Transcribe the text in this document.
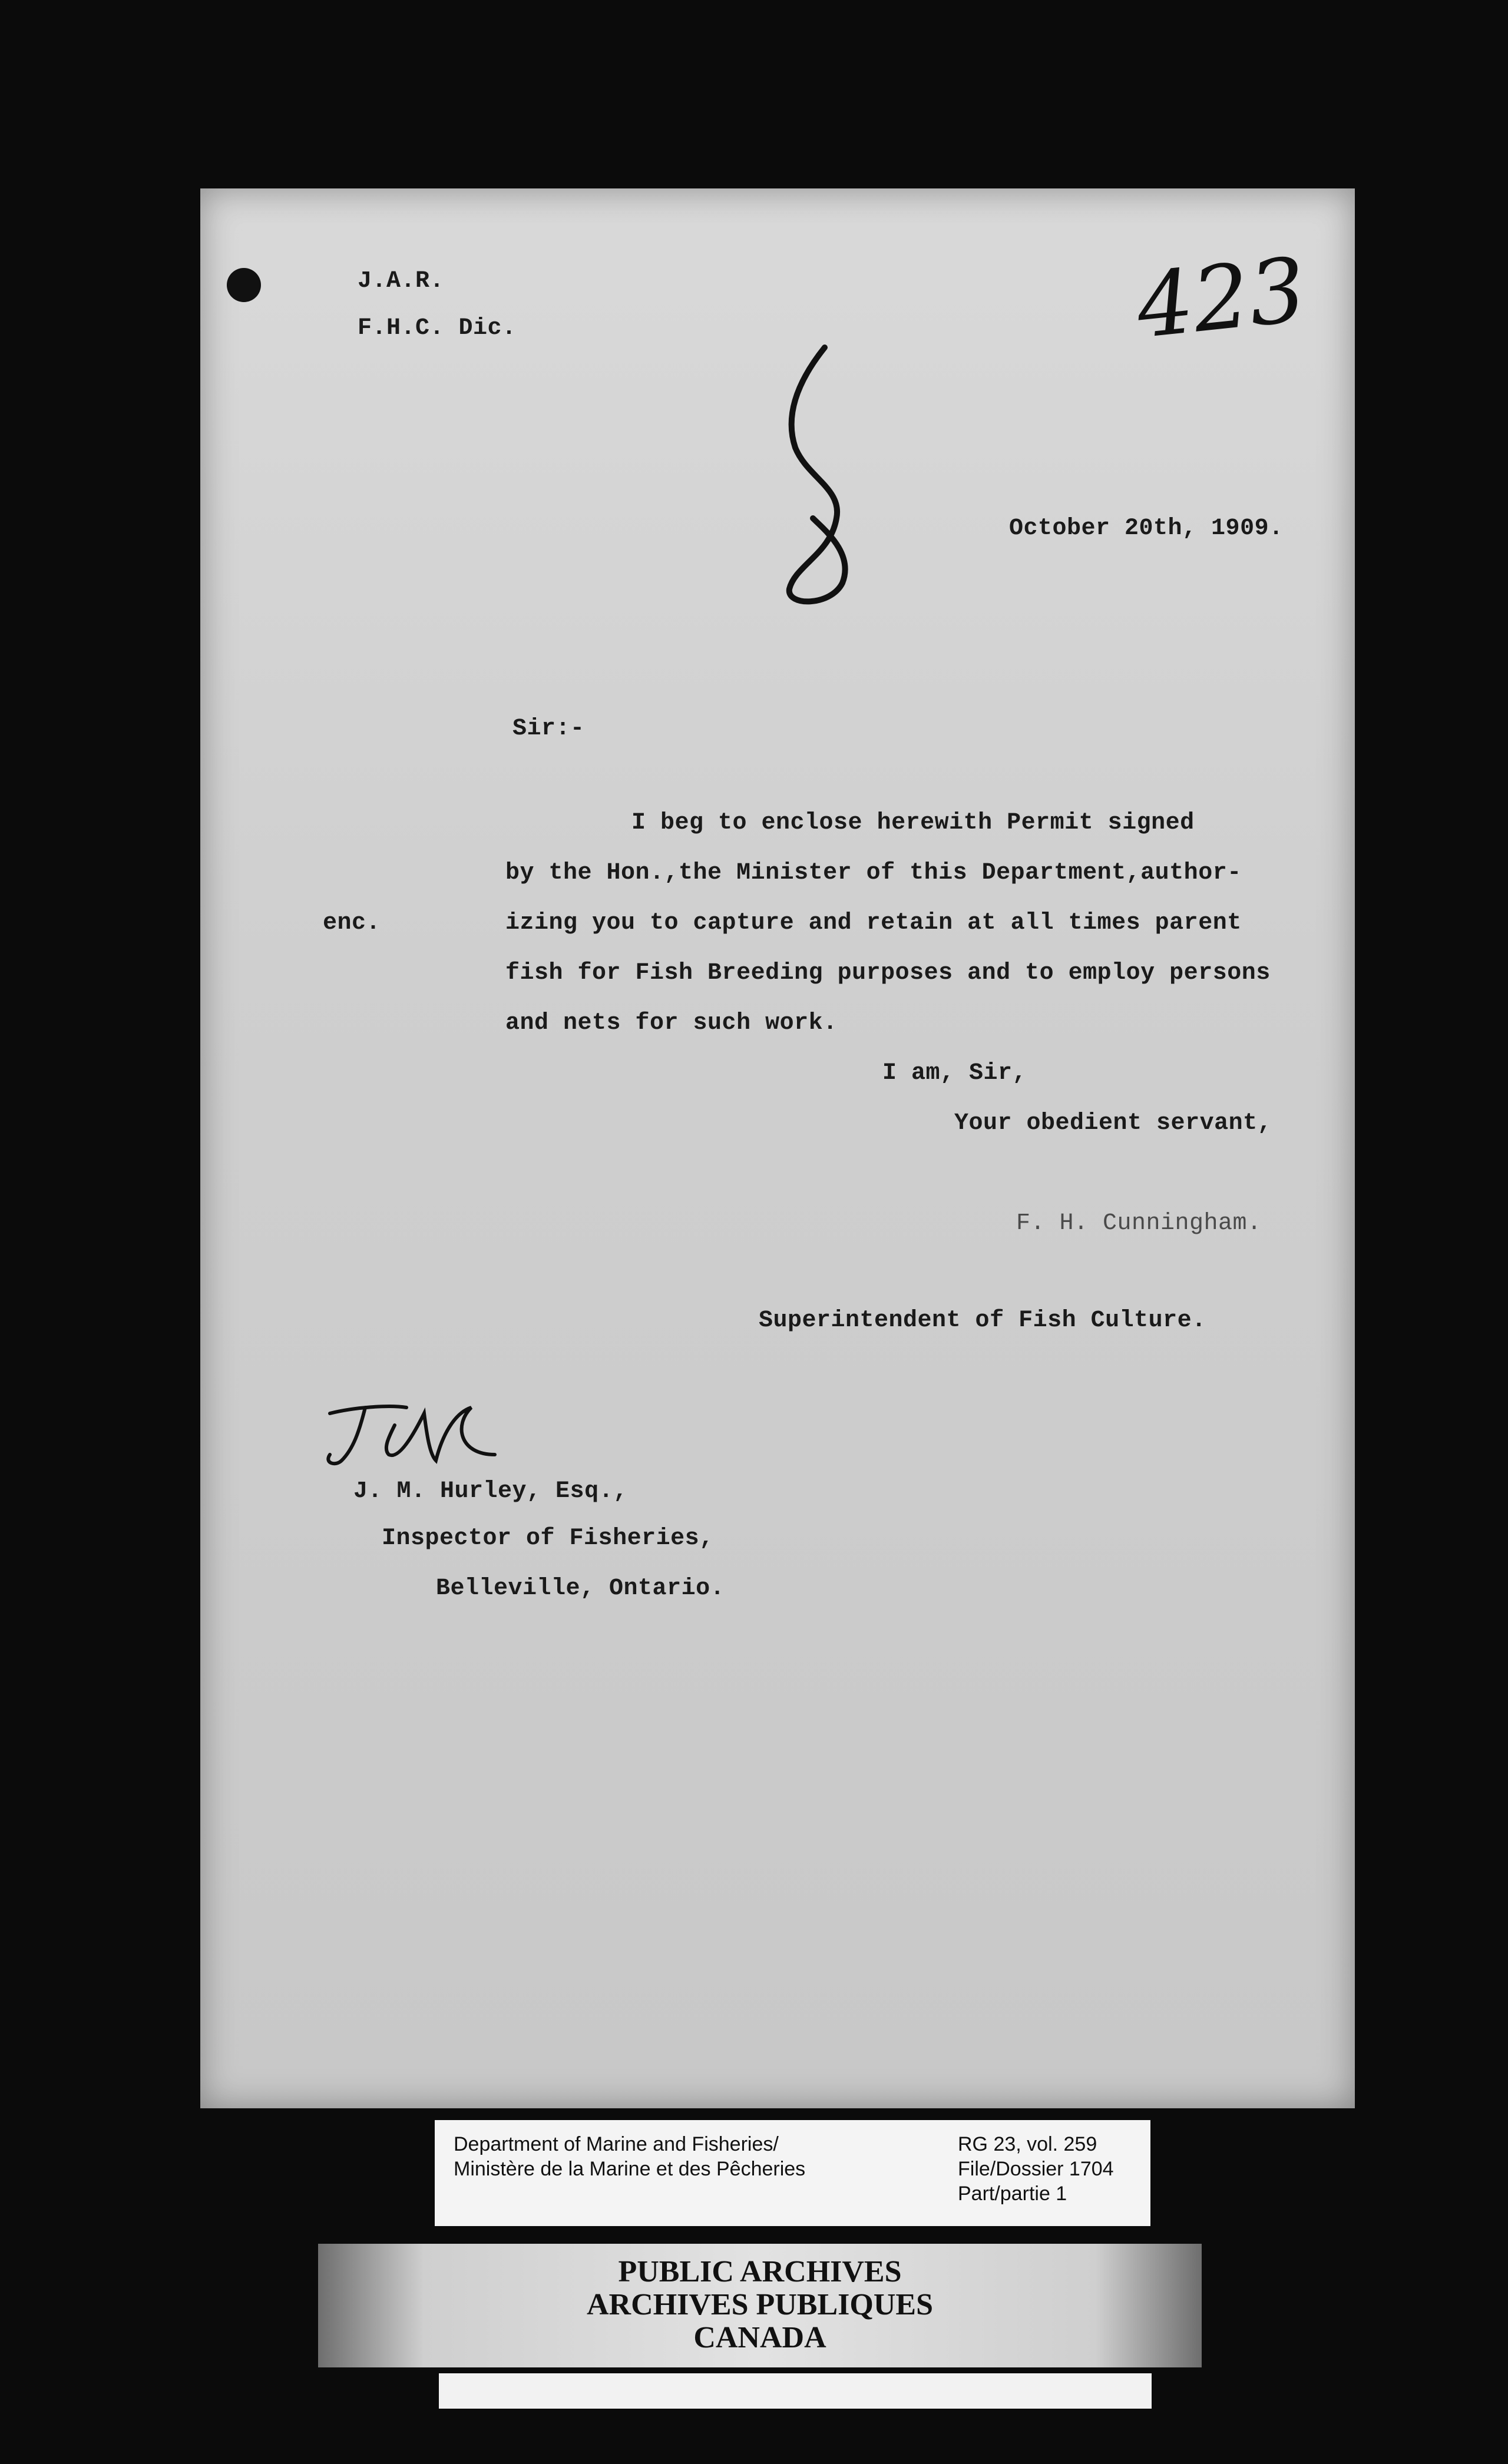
423
J.A.R.
F.H.C. Dic.
October 20th, 1909.
Sir:-
I beg to enclose herewith Permit signed
by the Hon.,the Minister of this Department,author-
enc.	izing you to capture and retain at all times parent
fish for Fish Breeding purposes and to employ persons
and nets for such work.
I am, Sir,
Your obedient servant,
F. H. Cunningham.
Superintendent of Fish Culture.
J. M. Hurley, Esq.,
Inspector of Fisheries,
Belleville, Ontario.
Department of Marine and Fisheries/
Ministère de la Marine et des Pêcheries
RG 23, vol. 259
File/Dossier 1704
Part/partie 1
PUBLIC ARCHIVES
ARCHIVES PUBLIQUES
CANADA
